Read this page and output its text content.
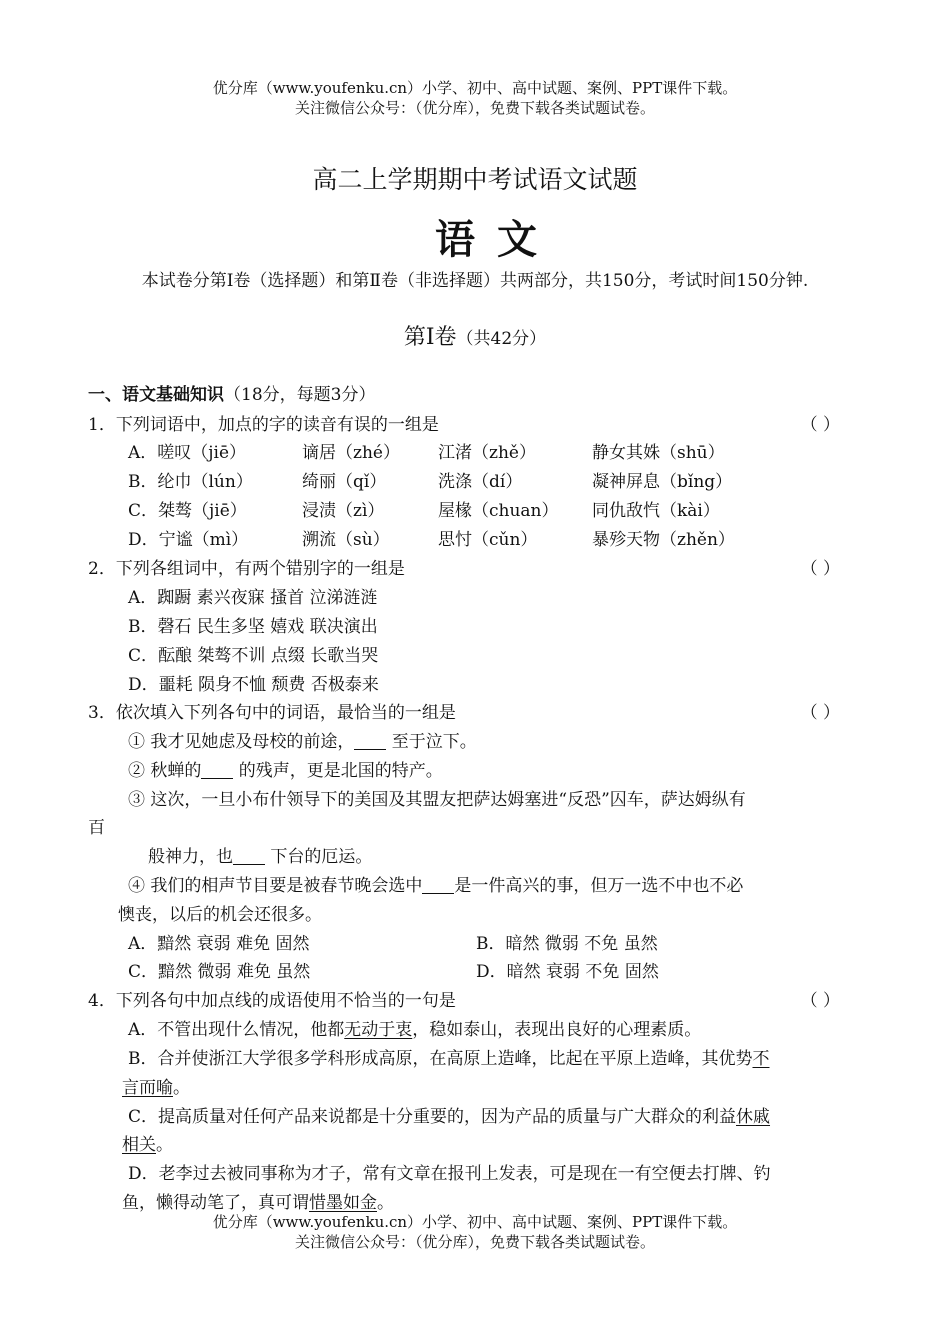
优分库（www.youfenku.cn）小学、初中、高中试题、案例、PPT课件下载。
关注微信公众号：（优分库），免费下载各类试题试卷。
高二上学期期中考试语文试题
语文
本试卷分第Ⅰ卷（选择题）和第Ⅱ卷（非选择题）共两部分，共150分，考试时间150分钟.
第Ⅰ卷（共42分）
一、语文基础知识（18分，每题3分）
1．下列词语中，加点的字的读音有误的一组是	（ ）
A．嗟叹（jiē）	谪居（zhé） 江渚（zhě）	静女其姝（shū）
B．纶巾（lún）	绮丽（qǐ）	洗涤（dí）	凝神屏息（bǐng）
C．桀骜（jiē）	浸渍（zì）	屋椽（chuan） 同仇敌忾（kài）
D．宁谧（mì）	溯流（sù）	思忖（cǔn）	暴殄天物（zhěn）
2．下列各组词中，有两个错别字的一组是	（ ）
A．踟蹰 素兴夜寐 搔首 泣涕涟涟
B．磬石 民生多坚 嬉戏 联决演出
C．酝酿 桀骜不训 点缀 长歌当哭
D．噩耗 陨身不恤 颓费 否极泰来
3．依次填入下列各句中的词语，最恰当的一组是	（ ）
① 我才见她虑及母校的前途， 至于泣下。
② 秋蝉的 的残声，更是北国的特产。
③ 这次，一旦小布什领导下的美国及其盟友把萨达姆塞进“反恐”囚车，萨达姆纵有
百
般神力，也 下台的厄运。
④ 我们的相声节目要是被春节晚会选中 是一件高兴的事，但万一选不中也不必
懊丧，以后的机会还很多。
A．黯然 衰弱 难免 固然	B．暗然 微弱 不免 虽然
C．黯然 微弱 难免 虽然	D．暗然 衰弱 不免 固然
4．下列各句中加点线的成语使用不恰当的一句是	（ ）
A．不管出现什么情况，他都无动于衷，稳如泰山，表现出良好的心理素质。
B．合并使浙江大学很多学科形成高原，在高原上造峰，比起在平原上造峰，其优势不
言而喻。
C．提高质量对任何产品来说都是十分重要的，因为产品的质量与广大群众的利益休戚
相关。
D．老李过去被同事称为才子，常有文章在报刊上发表，可是现在一有空便去打牌、钓
鱼，懒得动笔了，真可谓惜墨如金。
优分库（www.youfenku.cn）小学、初中、高中试题、案例、PPT课件下载。
关注微信公众号：（优分库），免费下载各类试题试卷。
